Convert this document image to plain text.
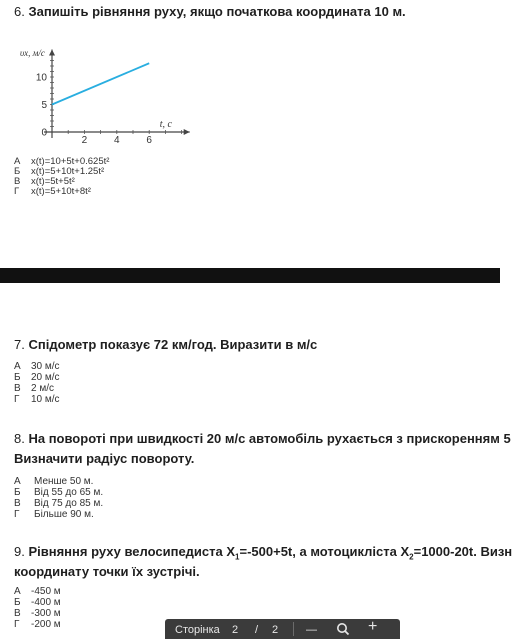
6. Запишіть рівняння руху, якщо початкова координата 10 м.
2	4	6
0
5
10
υx, м/с
t, с
А	x(t)=10+5t+0.625t²
Б	x(t)=5+10t+1.25t²
В	x(t)=5t+5t²
Г	x(t)=5+10t+8t²
7. Спідометр показує 72 км/год. Виразити в м/с
А	30 м/с
Б	20 м/с
В	2 м/с
Г	10 м/с
8. На повороті при швидкості 20 м/с автомобіль рухається з прискоренням 5
Визначити радіус повороту.
А	Менше 50 м.
Б	Від 55 до 65 м.
В	Від 75 до 85 м.
Г	Більше 90 м.
9. Рівняння руху велосипедиста $X_1=-500+5t$, а мотоцикліста $X_2=1000-20t$. Визн
координату точки їх зустрічі.
А	-450 м
Б	-400 м
В	-300 м
Г	-200 м	Сторінка 2 / 2	—	+
